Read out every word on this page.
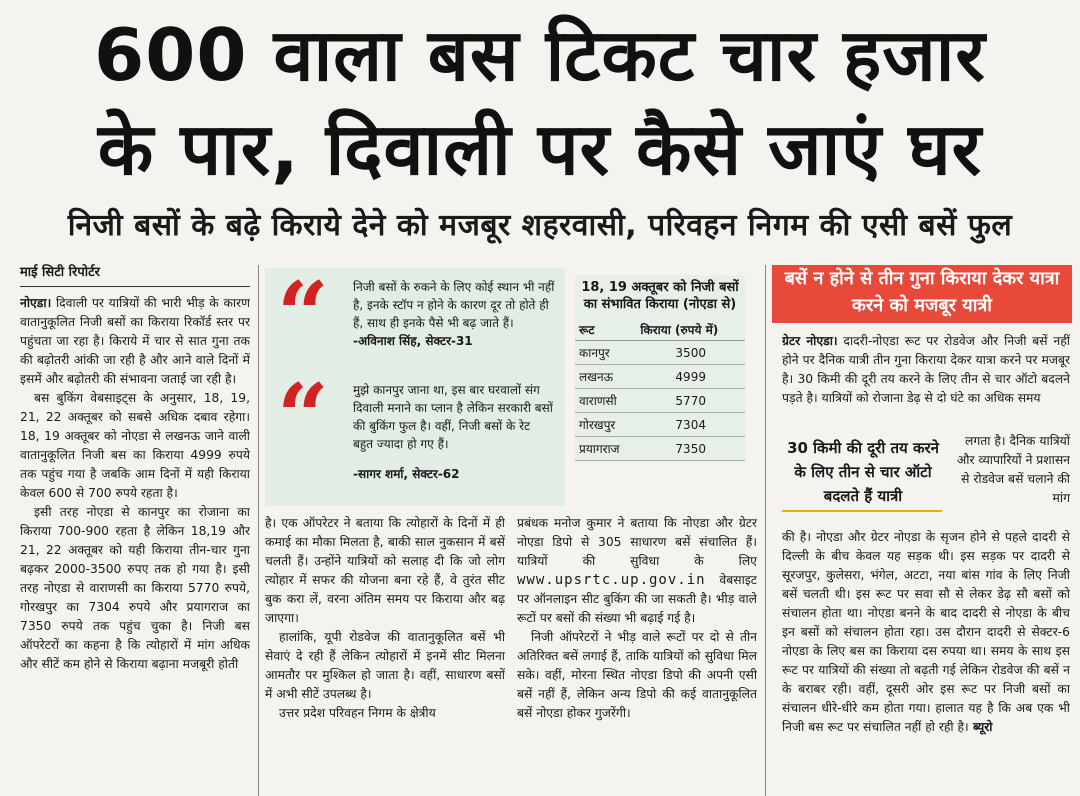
600 वाला बस टिकट चार हजार
के पार, दिवाली पर कैसे जाएं घर
निजी बसों के बढ़े किराये देने को मजबूर शहरवासी, परिवहन निगम की एसी बसें फुल
माई सिटी रिपोर्टर

नोएडा। दिवाली पर यात्रियों की भारी भीड़ के कारण वातानुकूलित निजी बसों का किराया रिकॉर्ड स्तर पर पहुंचता जा रहा है। किराये में चार से सात गुना तक की बढ़ोतरी आंकी जा रही है और आने वाले दिनों में इसमें और बढ़ोतरी की संभावना जताई जा रही है।

बस बुकिंग वेबसाइट्स के अनुसार, 18, 19, 21, 22 अक्तूबर को सबसे अधिक दबाव रहेगा। 18, 19 अक्तूबर को नोएडा से लखनऊ जाने वाली वातानुकूलित निजी बस का किराया 4999 रुपये तक पहुंच गया है जबकि आम दिनों में यही किराया केवल 600 से 700 रुपये रहता है।

इसी तरह नोएडा से कानपुर का रोजाना का किराया 700-900 रहता है लेकिन 18,19 और 21, 22 अक्तूबर को यही किराया तीन-चार गुना बढ़कर 2000-3500 रुपए तक हो गया है। इसी तरह नोएडा से वाराणसी का किराया 5770 रुपये, गोरखपुर का 7304 रुपये और प्रयागराज का 7350 रुपये तक पहुंच चुका है। निजी बस ऑपरेटरों का कहना है कि त्योहारों में मांग अधिक और सीटें कम होने से किराया बढ़ाना मजबूरी होती

“ निजी बसों के रुकने के लिए कोई स्थान भी नहीं है, इनके स्टॉप न होने के कारण दूर तो होते ही हैं, साथ ही इनके पैसे भी बढ़ जाते हैं। -अविनाश सिंह, सेक्टर-31
“ मुझे कानपुर जाना था, इस बार घरवालों संग दिवाली मनाने का प्लान है लेकिन सरकारी बसों की बुकिंग फुल है। वहीं, निजी बसों के रेट बहुत ज्यादा हो गए हैं।
-सागर शर्मा, सेक्टर-62
18, 19 अक्तूबर को निजी बसों का संभावित किराया (नोएडा से)
रूट	किराया (रुपये में)
कानपुर	3500
लखनऊ	4999
वाराणसी	5770
गोरखपुर	7304
प्रयागराज	7350

है। एक ऑपरेटर ने बताया कि त्योहारों के दिनों में ही कमाई का मौका मिलता है, बाकी साल नुकसान में बसें चलती हैं। उन्होंने यात्रियों को सलाह दी कि जो लोग त्योहार में सफर की योजना बना रहे हैं, वे तुरंत सीट बुक करा लें, वरना अंतिम समय पर किराया और बढ़ जाएगा।

हालांकि, यूपी रोडवेज की वातानुकूलित बसें भी सेवाएं दे रही हैं लेकिन त्योहारों में इनमें सीट मिलना आमतौर पर मुश्किल हो जाता है। वहीं, साधारण बसों में अभी सीटें उपलब्ध है।

उत्तर प्रदेश परिवहन निगम के क्षेत्रीय

प्रबंधक मनोज कुमार ने बताया कि नोएडा और ग्रेटर नोएडा डिपो से 305 साधारण बसें संचालित हैं। यात्रियों की सुविधा के लिए www.upsrtc.up.gov.in वेबसाइट पर ऑनलाइन सीट बुकिंग की जा सकती है। भीड़ वाले रूटों पर बसों की संख्या भी बढ़ाई गई है।

निजी ऑपरेटरों ने भीड़ वाले रूटों पर दो से तीन अतिरिक्त बसें लगाई हैं, ताकि यात्रियों को सुविधा मिल सके। वहीं, मोरना स्थित नोएडा डिपो की अपनी एसी बसें नहीं हैं, लेकिन अन्य डिपो की कई वातानुकूलित बसें नोएडा होकर गुजरेंगी।

बसें न होने से तीन गुना किराया देकर यात्रा करने को मजबूर यात्री

ग्रेटर नोएडा। दादरी-नोएडा रूट पर रोडवेज और निजी बसें नहीं होने पर दैनिक यात्री तीन गुना किराया देकर यात्रा करने पर मजबूर है। 30 किमी की दूरी तय करने के लिए तीन से चार ऑटो बदलने पड़ते है। यात्रियों को रोजाना डेढ़ से दो घंटे का अधिक समय

30 किमी की दूरी तय करने के लिए तीन से चार ऑटो बदलते हैं यात्री
लगता है। दैनिक यात्रियों और व्यापारियों ने प्रशासन से रोडवेज बसें चलाने की मांग

की है। नोएडा और ग्रेटर नोएडा के सृजन होने से पहले दादरी से दिल्ली के बीच केवल यह सड़क थी। इस सड़क पर दादरी से सूरजपुर, कुलेसरा, भंगेल, अटटा, नया बांस गांव के लिए निजी बसें चलती थी। इस रूट पर सवा सौ से लेकर डेढ़ सौ बसों को संचालन होता था। नोएडा बनने के बाद दादरी से नोएडा के बीच इन बसों को संचालन होता रहा। उस दौरान दादरी से सेक्टर-6 नोएडा के लिए बस का किराया दस रुपया था। समय के साथ इस रूट पर यात्रियों की संख्या तो बढ़ती गई लेकिन रोडवेज की बसें न के बराबर रही। वहीं, दूसरी ओर इस रूट पर निजी बसों का संचालन धीरे-धीरे कम होता गया। हालात यह है कि अब एक भी निजी बस रूट पर संचालित नहीं हो रही है। ब्यूरो
